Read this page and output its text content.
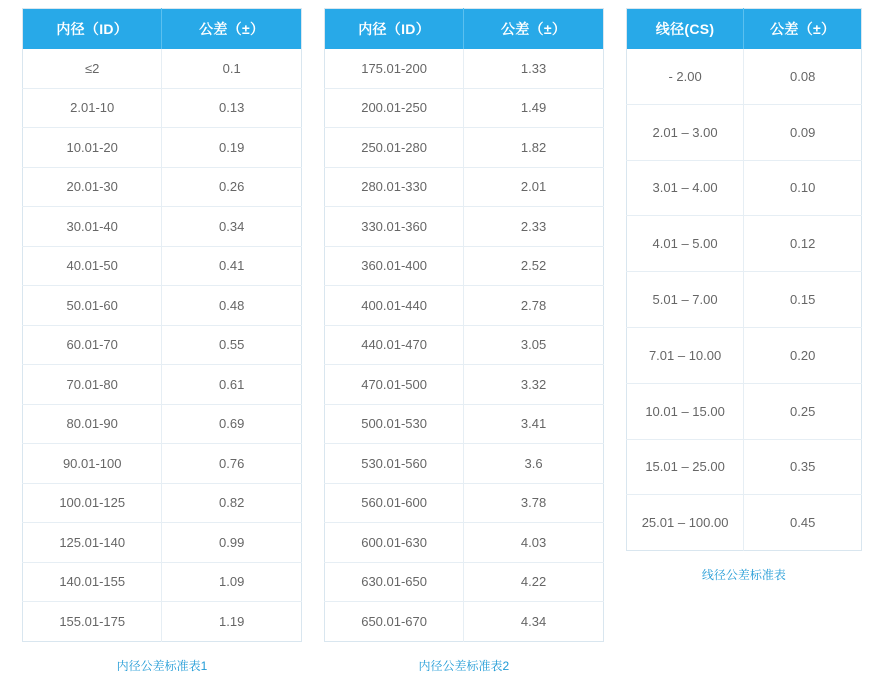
内径（ID）	公差（±）
≤2	0.1
2.01-10	0.13
10.01-20	0.19
20.01-30	0.26
30.01-40	0.34
40.01-50	0.41
50.01-60	0.48
60.01-70	0.55
70.01-80	0.61
80.01-90	0.69
90.01-100	0.76
100.01-125	0.82
125.01-140	0.99
140.01-155	1.09
155.01-175	1.19
内径公差标准表1
内径（ID）	公差（±）
175.01-200	1.33
200.01-250	1.49
250.01-280	1.82
280.01-330	2.01
330.01-360	2.33
360.01-400	2.52
400.01-440	2.78
440.01-470	3.05
470.01-500	3.32
500.01-530	3.41
530.01-560	3.6
560.01-600	3.78
600.01-630	4.03
630.01-650	4.22
650.01-670	4.34
内径公差标准表2
线径(CS)	公差（±）
- 2.00	0.08
2.01 – 3.00	0.09
3.01 – 4.00	0.10
4.01 – 5.00	0.12
5.01 – 7.00	0.15
7.01 – 10.00	0.20
10.01 – 15.00	0.25
15.01 – 25.00	0.35
25.01 – 100.00	0.45
线径公差标准表
